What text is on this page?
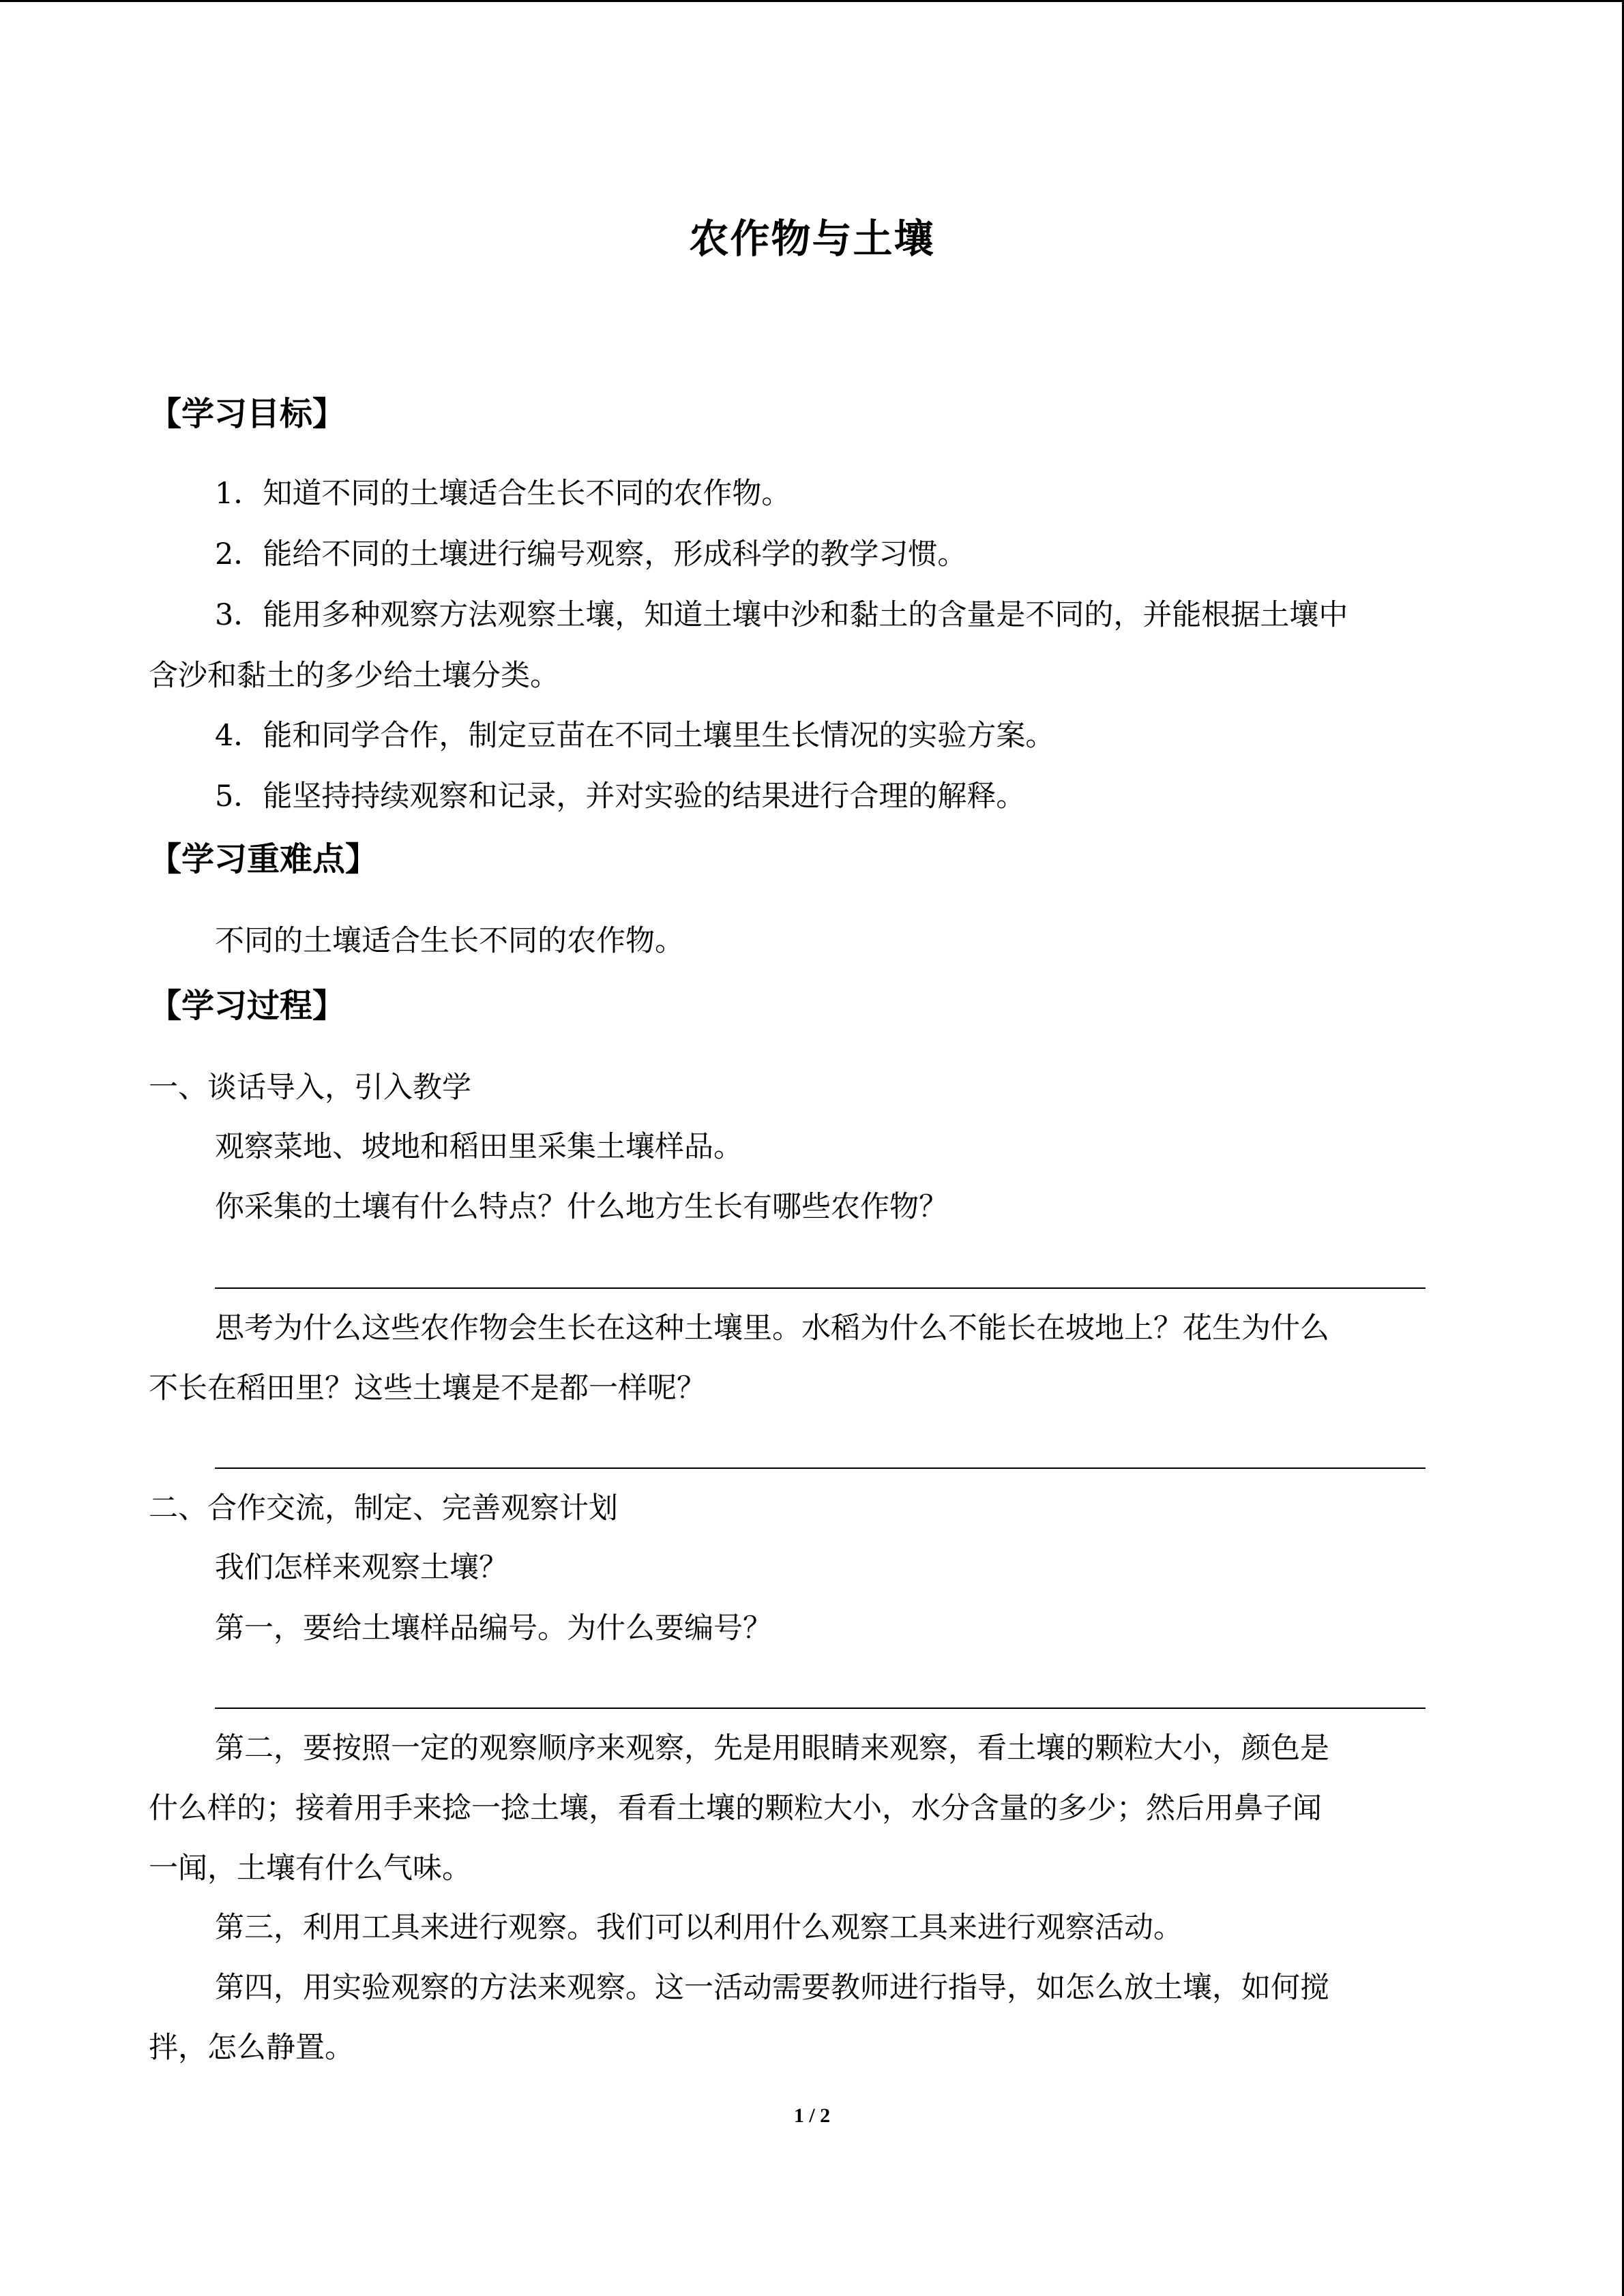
农作物与土壤
【学习目标】
1．知道不同的土壤适合生长不同的农作物。
2．能给不同的土壤进行编号观察，形成科学的教学习惯。
3．能用多种观察方法观察土壤，知道土壤中沙和黏土的含量是不同的，并能根据土壤中
含沙和黏土的多少给土壤分类。
4．能和同学合作，制定豆苗在不同土壤里生长情况的实验方案。
5．能坚持持续观察和记录，并对实验的结果进行合理的解释。
【学习重难点】
不同的土壤适合生长不同的农作物。
【学习过程】
一、谈话导入，引入教学
观察菜地、坡地和稻田里采集土壤样品。
你采集的土壤有什么特点？什么地方生长有哪些农作物？
思考为什么这些农作物会生长在这种土壤里。水稻为什么不能长在坡地上？花生为什么
不长在稻田里？这些土壤是不是都一样呢？
二、合作交流，制定、完善观察计划
我们怎样来观察土壤？
第一，要给土壤样品编号。为什么要编号？
第二，要按照一定的观察顺序来观察，先是用眼睛来观察，看土壤的颗粒大小，颜色是
什么样的；接着用手来捻一捻土壤，看看土壤的颗粒大小，水分含量的多少；然后用鼻子闻
一闻，土壤有什么气味。
第三，利用工具来进行观察。我们可以利用什么观察工具来进行观察活动。
第四，用实验观察的方法来观察。这一活动需要教师进行指导，如怎么放土壤，如何搅
拌，怎么静置。
1 / 2
